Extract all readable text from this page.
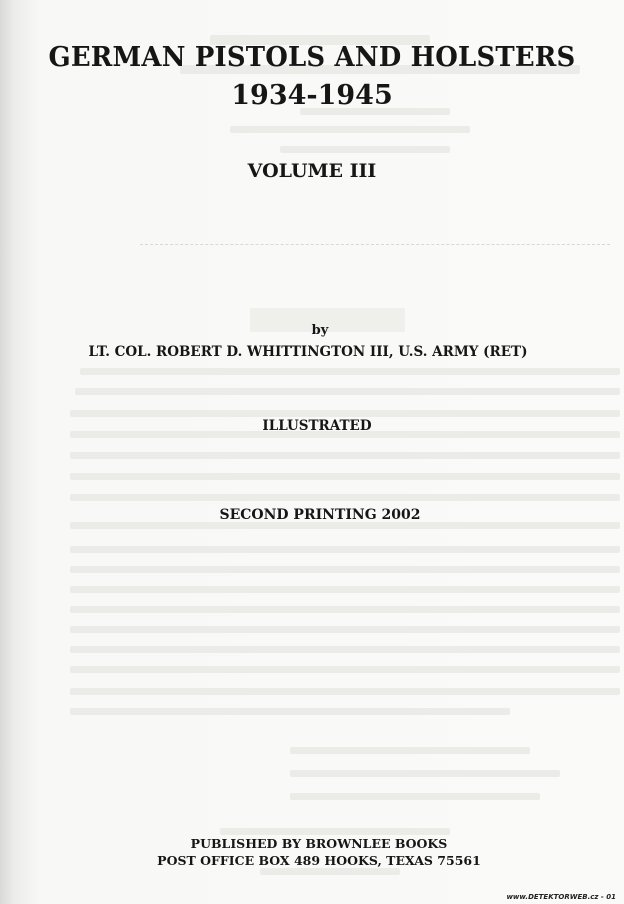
GERMAN PISTOLS AND HOLSTERS
1934-1945
VOLUME III
by
LT. COL. ROBERT D. WHITTINGTON III, U.S. ARMY (RET)
ILLUSTRATED
SECOND PRINTING 2002
PUBLISHED BY BROWNLEE BOOKS
POST OFFICE BOX 489 HOOKS, TEXAS 75561
www.DETEKTORWEB.cz - 01
